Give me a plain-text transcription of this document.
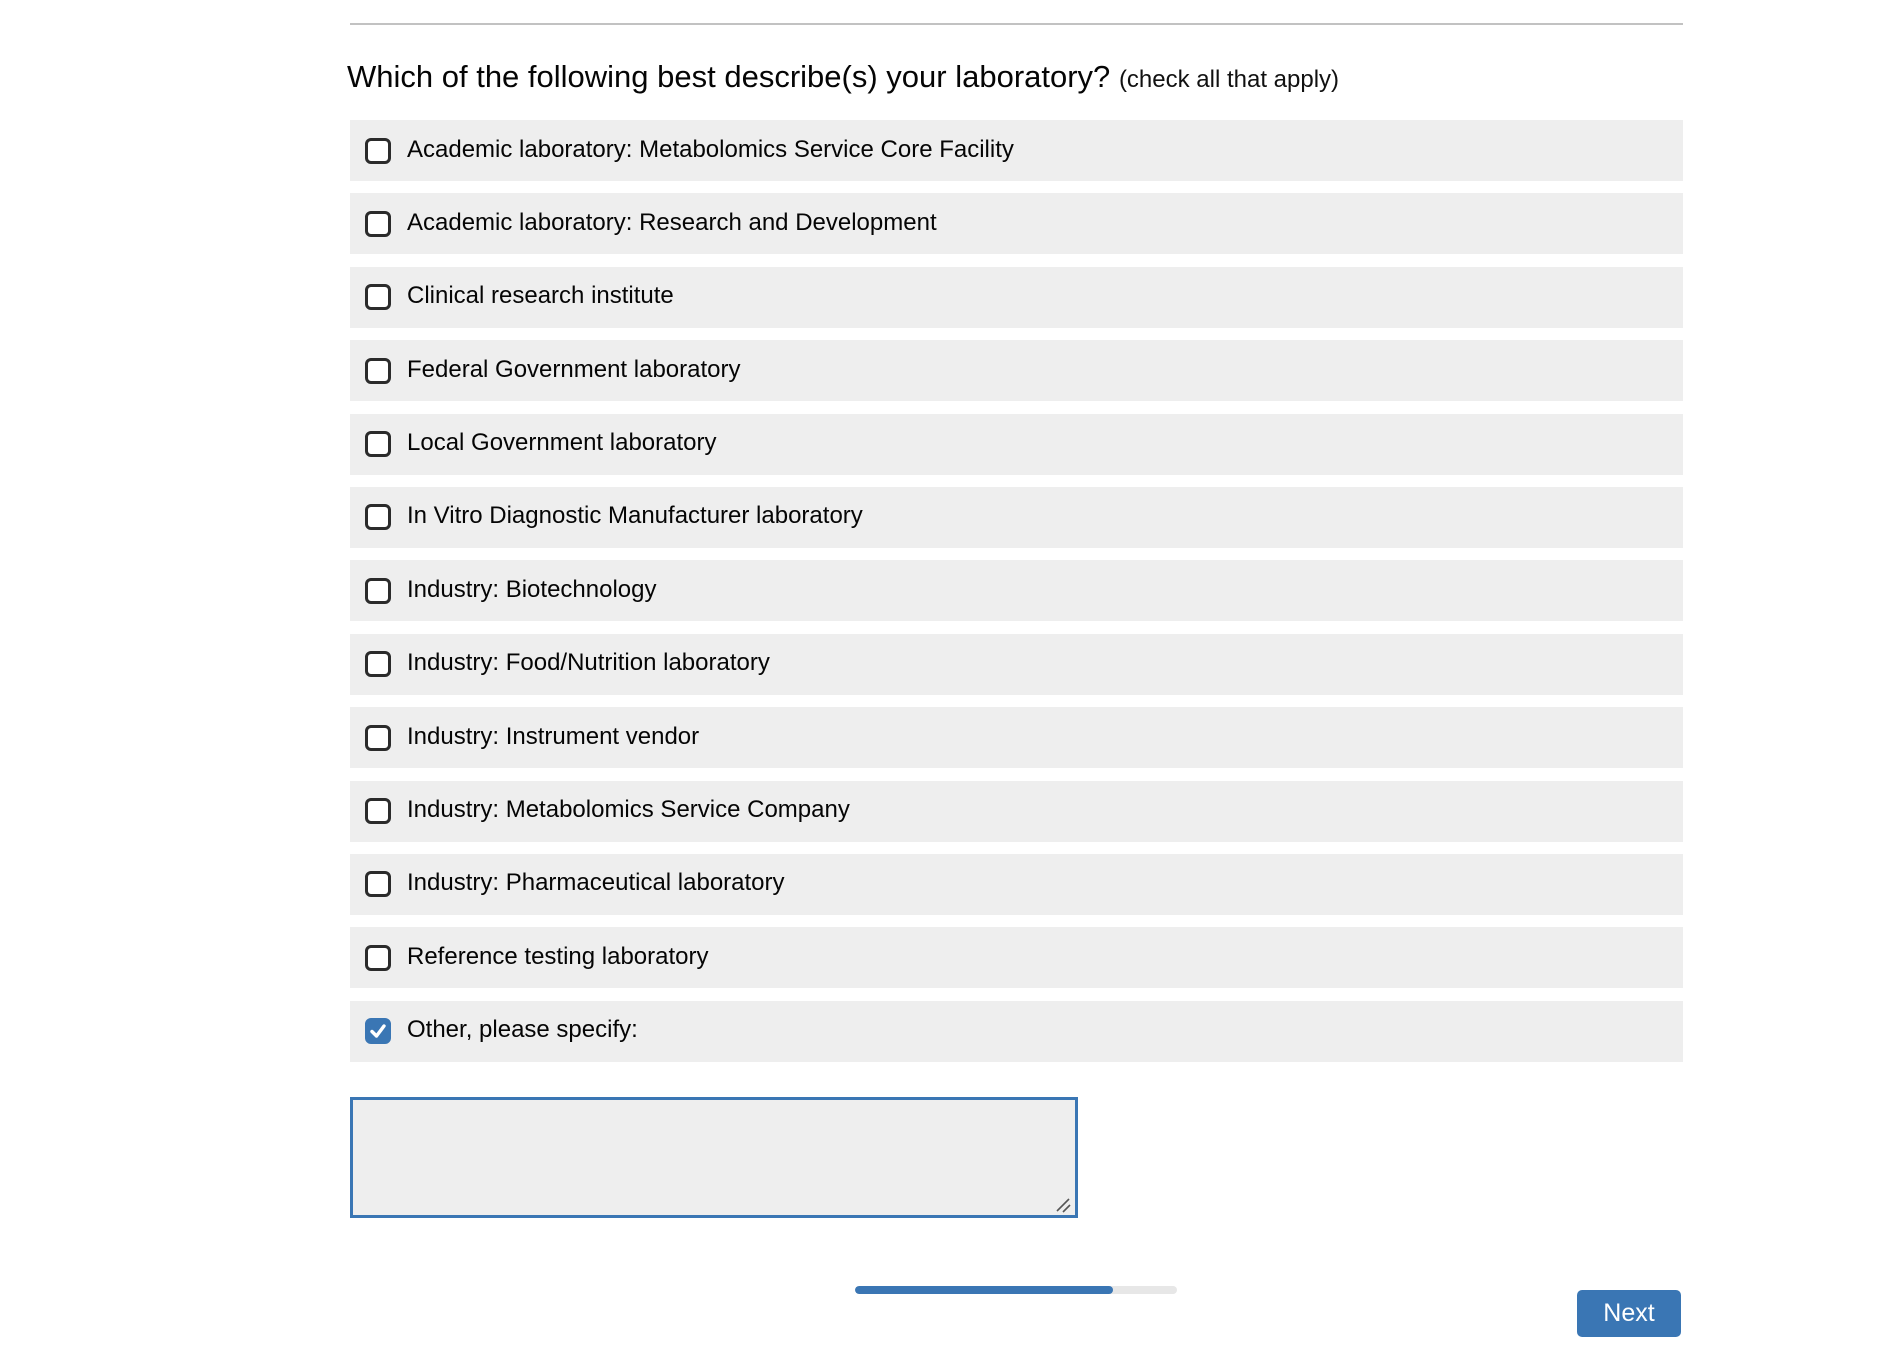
Which of the following best describe(s) your laboratory? (check all that apply)
Academic laboratory: Metabolomics Service Core Facility
Academic laboratory: Research and Development
Clinical research institute
Federal Government laboratory
Local Government laboratory
In Vitro Diagnostic Manufacturer laboratory
Industry: Biotechnology
Industry: Food/Nutrition laboratory
Industry: Instrument vendor
Industry: Metabolomics Service Company
Industry: Pharmaceutical laboratory
Reference testing laboratory
Other, please specify:
Next
